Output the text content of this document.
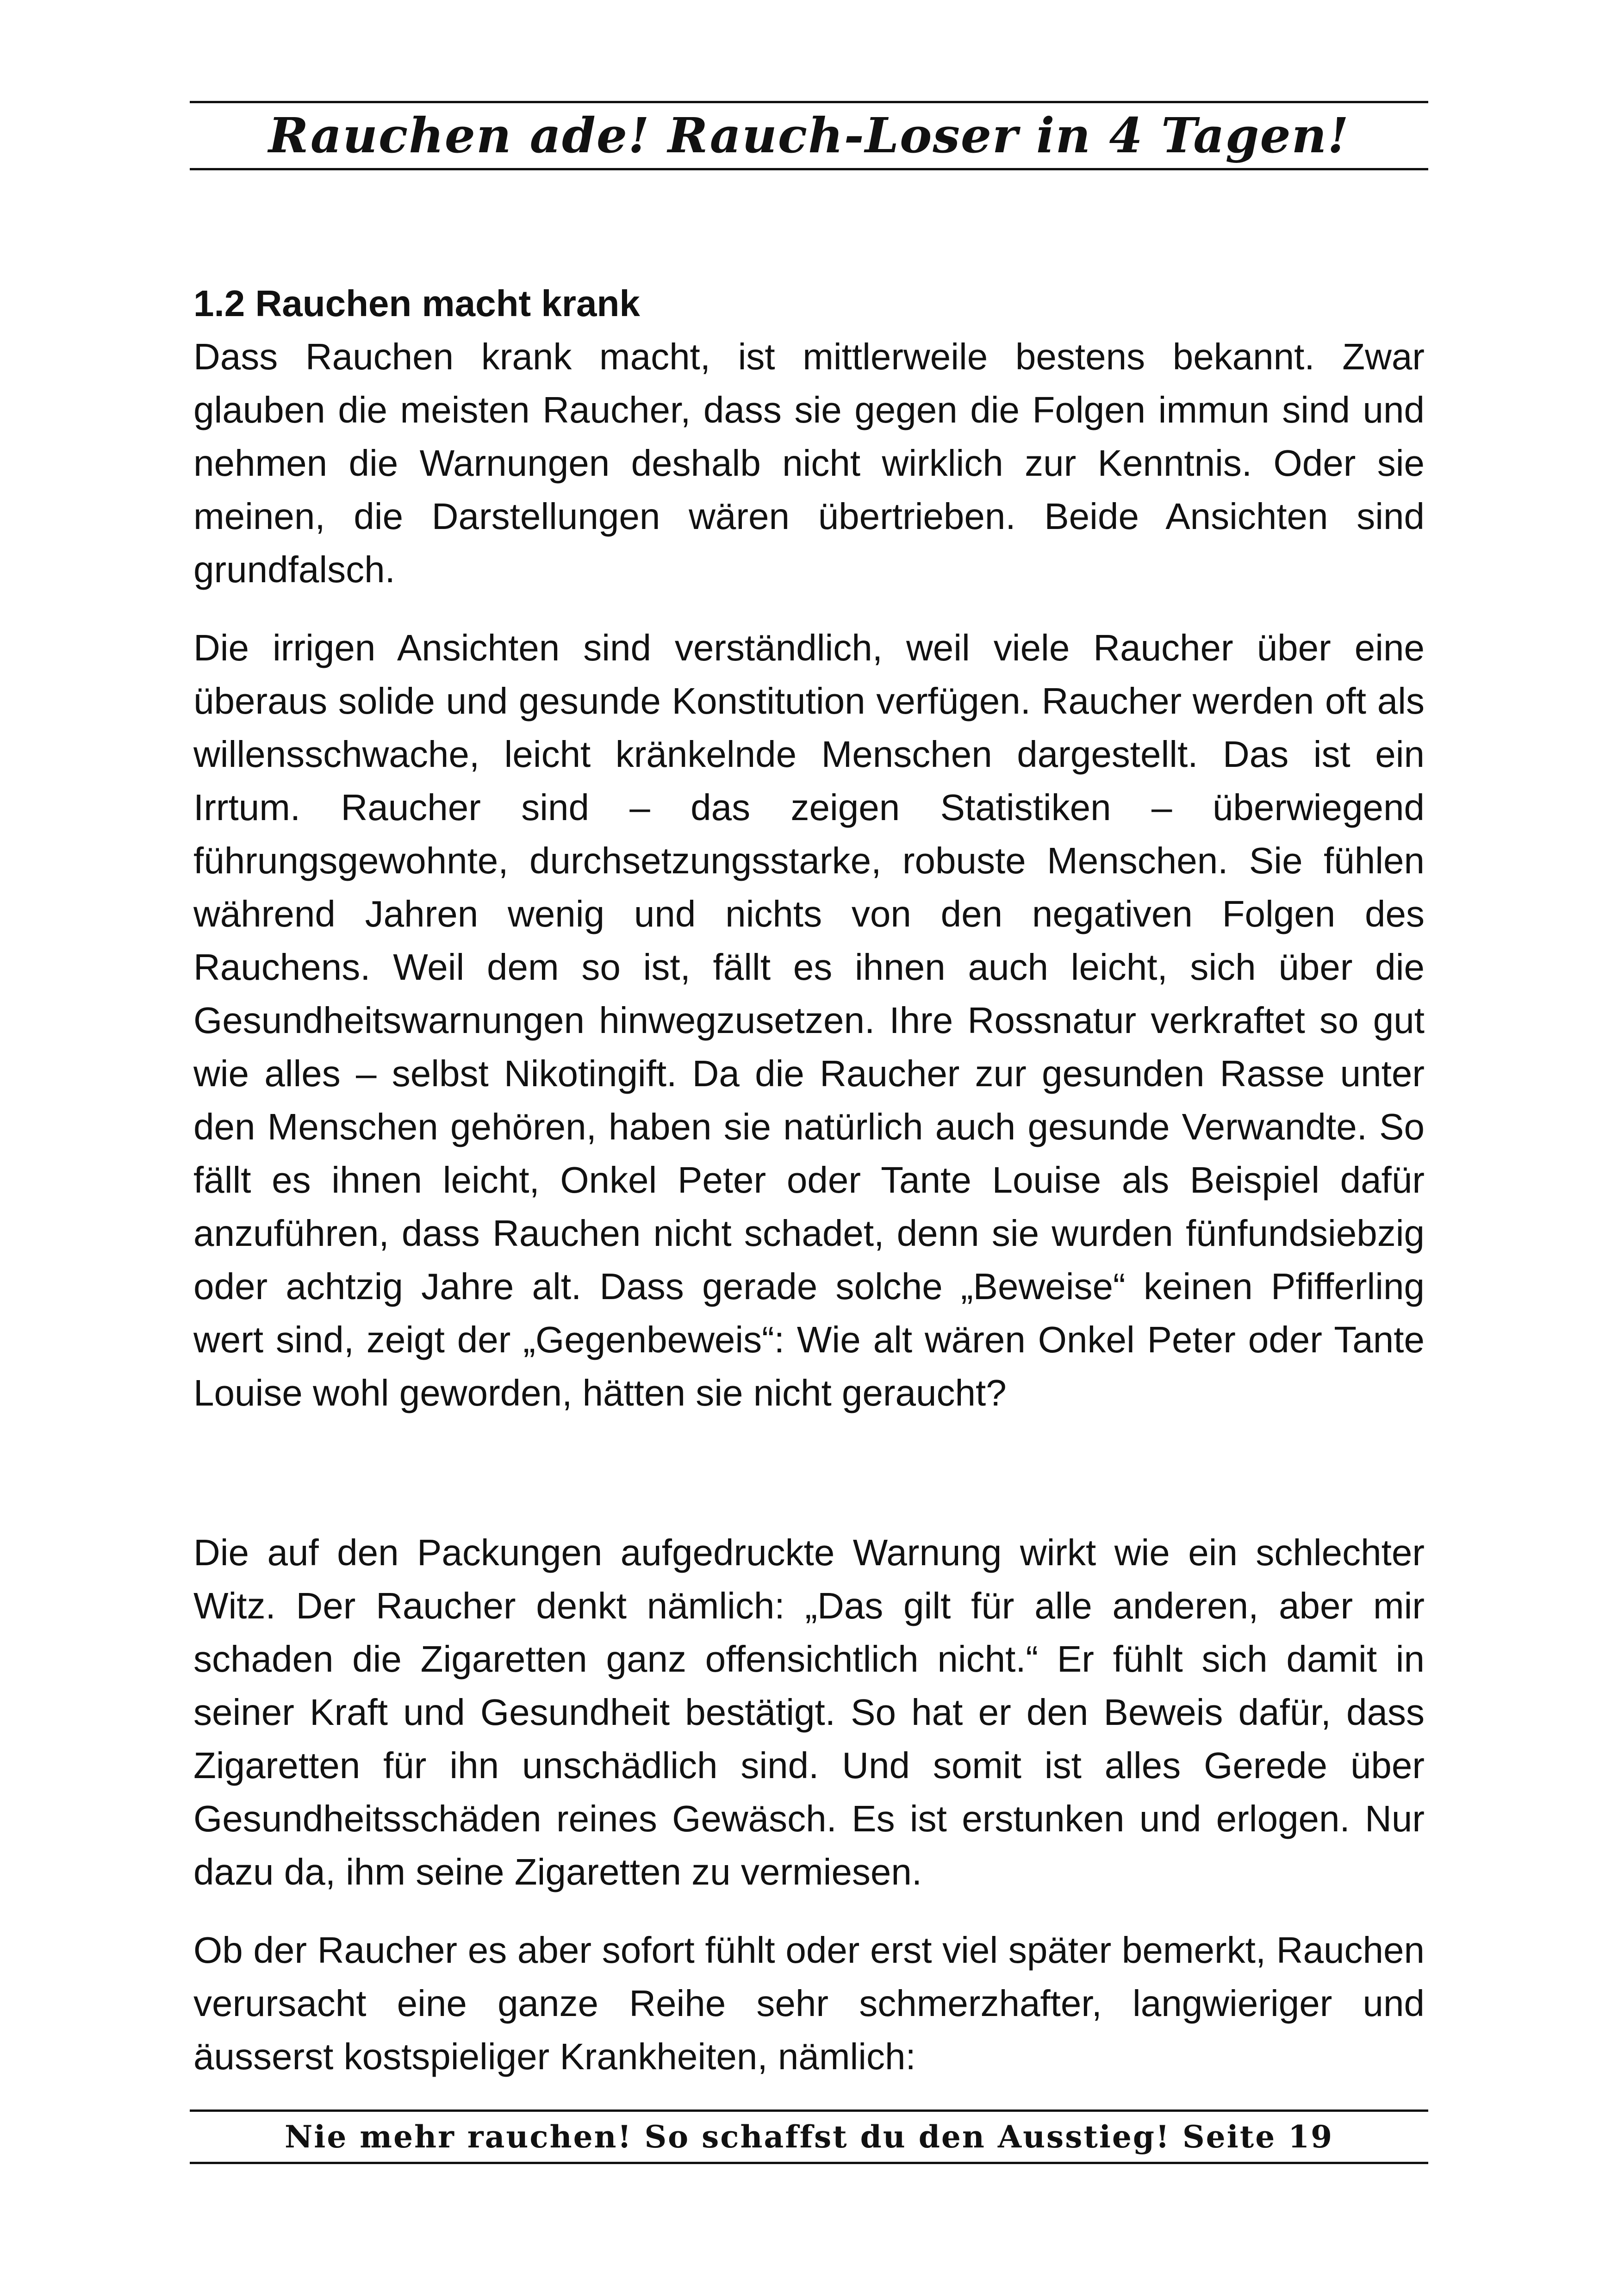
Rauchen ade! Rauch-Loser in 4 Tagen!
1.2 Rauchen macht krank

Dass Rauchen krank macht, ist mittlerweile bestens bekannt. Zwar glauben die meisten Raucher, dass sie gegen die Folgen immun sind und nehmen die Warnungen deshalb nicht wirklich zur Kenntnis. Oder sie meinen, die Darstellungen wären übertrieben. Beide Ansichten sind grundfalsch.

Die irrigen Ansichten sind verständlich, weil viele Raucher über eine überaus solide und gesunde Konstitution verfügen. Raucher werden oft als willensschwache, leicht kränkelnde Menschen dargestellt. Das ist ein Irrtum. Raucher sind – das zeigen Statistiken – überwiegend führungsgewohnte, durchsetzungsstarke, robuste Menschen. Sie fühlen während Jahren wenig und nichts von den negativen Folgen des Rauchens. Weil dem so ist, fällt es ihnen auch leicht, sich über die Gesundheitswarnungen hinwegzusetzen. Ihre Rossnatur verkraftet so gut wie alles – selbst Nikotingift. Da die Raucher zur gesunden Rasse unter den Menschen gehören, haben sie natürlich auch gesunde Verwandte. So fällt es ihnen leicht, Onkel Peter oder Tante Louise als Beispiel dafür anzuführen, dass Rauchen nicht schadet, denn sie wurden fünfundsiebzig oder achtzig Jahre alt. Dass gerade solche „Beweise“ keinen Pfifferling wert sind, zeigt der „Gegenbeweis“: Wie alt wären Onkel Peter oder Tante Louise wohl geworden, hätten sie nicht geraucht?

Die auf den Packungen aufgedruckte Warnung wirkt wie ein schlechter Witz. Der Raucher denkt nämlich: „Das gilt für alle anderen, aber mir schaden die Zigaretten ganz offensichtlich nicht.“ Er fühlt sich damit in seiner Kraft und Gesundheit bestätigt. So hat er den Beweis dafür, dass Zigaretten für ihn unschädlich sind. Und somit ist alles Gerede über Gesundheitsschäden reines Gewäsch. Es ist erstunken und erlogen. Nur dazu da, ihm seine Zigaretten zu vermiesen.

Ob der Raucher es aber sofort fühlt oder erst viel später bemerkt, Rauchen verursacht eine ganze Reihe sehr schmerzhafter, langwieriger und äusserst kostspieliger Krankheiten, nämlich:

Nie mehr rauchen! So schaffst du den Ausstieg! Seite 19
